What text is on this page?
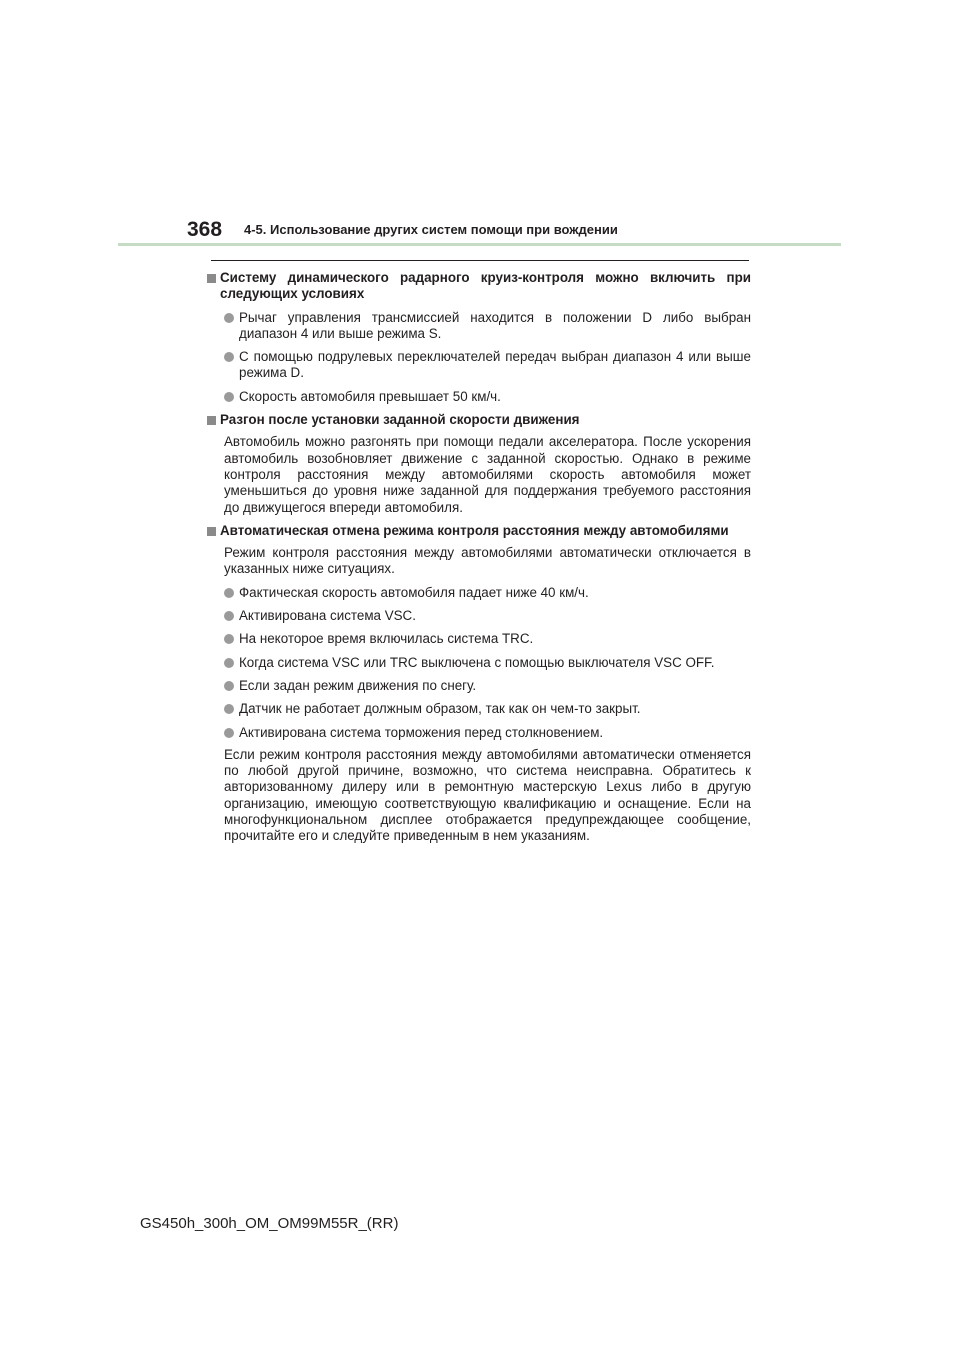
368 4-5. Использование других систем помощи при вождении
Систему динамического радарного круиз-контроля можно включить при следующих условиях
Рычаг управления трансмиссией находится в положении D либо выбран диапазон 4 или выше режима S.
С помощью подрулевых переключателей передач выбран диапазон 4 или выше режима D.
Скорость автомобиля превышает 50 км/ч.
Разгон после установки заданной скорости движения
Автомобиль можно разгонять при помощи педали акселератора. После ускорения автомобиль возобновляет движение с заданной скоростью. Однако в режиме контроля расстояния между автомобилями скорость автомобиля может уменьшиться до уровня ниже заданной для поддержания требуемого расстояния до движущегося впереди автомобиля.
Автоматическая отмена режима контроля расстояния между автомобилями
Режим контроля расстояния между автомобилями автоматически отключается в указанных ниже ситуациях.
Фактическая скорость автомобиля падает ниже 40 км/ч.
Активирована система VSC.
На некоторое время включилась система TRC.
Когда система VSC или TRC выключена с помощью выключателя VSC OFF.
Если задан режим движения по снегу.
Датчик не работает должным образом, так как он чем-то закрыт.
Активирована система торможения перед столкновением.
Если режим контроля расстояния между автомобилями автоматически отменяется по любой другой причине, возможно, что система неисправна. Обратитесь к авторизованному дилеру или в ремонтную мастерскую Lexus либо в другую организацию, имеющую соответствующую квалификацию и оснащение. Если на многофункциональном дисплее отображается предупреждающее сообщение, прочитайте его и следуйте приведенным в нем указаниям.
GS450h_300h_OM_OM99M55R_(RR)
